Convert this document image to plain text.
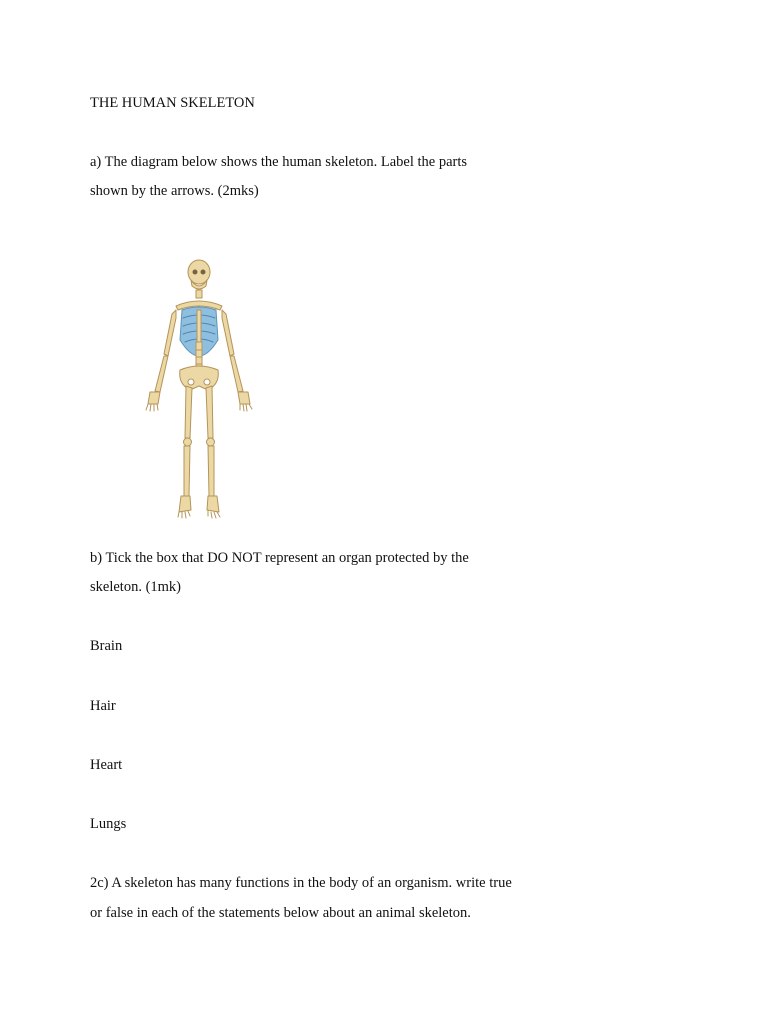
THE HUMAN SKELETON

a) The diagram below shows the human skeleton. Label the parts

shown by the arrows. (2mks)

b) Tick the box that DO NOT represent an organ protected by the

skeleton. (1mk)

Brain

Hair

Heart

Lungs

2c) A skeleton has many functions in the body of an organism. write true

or false in each of the statements below about an animal skeleton.
